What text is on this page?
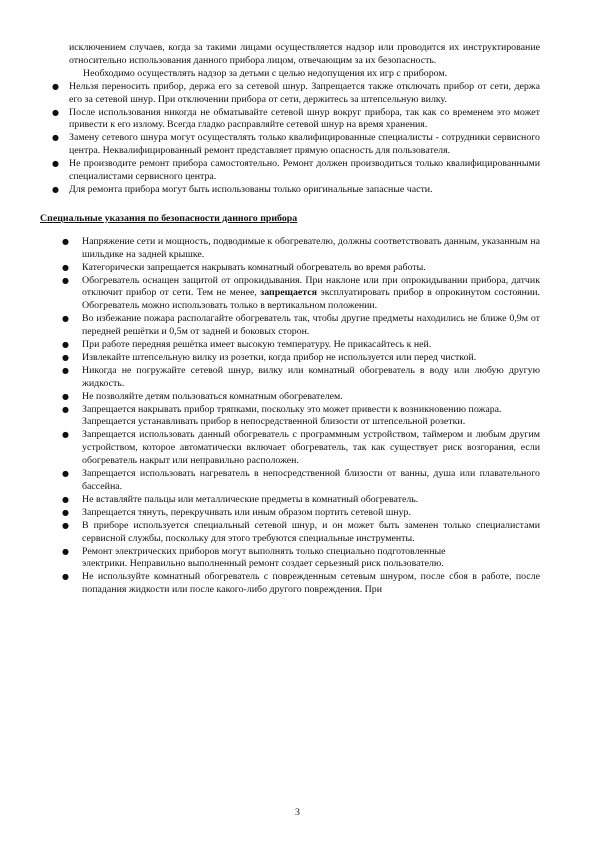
исключением случаев, когда за такими лицами осуществляется надзор или проводится их инструктирование относительно использования данного прибора лицом, отвечающим за их безопасность.

Необходимо осуществлять надзор за детьми с целью недопущения их игр с прибором.

● Нельзя переносить прибор, держа его за сетевой шнур. Запрещается также отключать прибор от сети, держа его за сетевой шнур. При отключении прибора от сети, держитесь за штепсельную вилку.
● После использования никогда не обматывайте сетевой шнур вокруг прибора, так как со временем это может привести к его излому. Всегда гладко расправляйте сетевой шнур на время хранения.
● Замену сетевого шнура могут осуществлять только квалифицированные специалисты - сотрудники сервисного центра. Неквалифицированный ремонт представляет прямую опасность для пользователя.
● Не производите ремонт прибора самостоятельно. Ремонт должен производиться только квалифицированными специалистами сервисного центра.
● Для ремонта прибора могут быть использованы только оригинальные запасные части.

Специальные указания по безопасности данного прибора

● Напряжение сети и мощность, подводимые к обогревателю, должны соответствовать данным, указанным на шильдике на задней крышке.
● Категорически запрещается накрывать комнатный обогреватель во время работы.
● Обогреватель оснащен защитой от опрокидывания. При наклоне или при опрокидывании прибора, датчик отключит прибор от сети. Тем не менее, запрещается эксплуатировать прибор в опрокинутом состоянии. Обогреватель можно использовать только в вертикальном положении.
● Во избежание пожара располагайте обогреватель так, чтобы другие предметы находились не ближе 0,9м от передней решётки и 0,5м от задней и боковых сторон.
● При работе передняя решётка имеет высокую температуру. Не прикасайтесь к ней.
● Извлекайте штепсельную вилку из розетки, когда прибор не используется или перед чисткой.
● Никогда не погружайте сетевой шнур, вилку или комнатный обогреватель в воду или любую другую жидкость.
● Не позволяйте детям пользоваться комнатным обогревателем.
● Запрещается накрывать прибор тряпками, поскольку это может привести к возникновению пожара.
Запрещается устанавливать прибор в непосредственной близости от штепсельной розетки.
● Запрещается использовать данный обогреватель с программным устройством, таймером и любым другим устройством, которое автоматически включает обогреватель, так как существует риск возгорания, если обогреватель накрыт или неправильно расположен.
● Запрещается использовать нагреватель в непосредственной близости от ванны, душа или плавательного бассейна.
● Не вставляйте пальцы или металлические предметы в комнатный обогреватель.
● Запрещается тянуть, перекручивать или иным образом портить сетевой шнур.
● В приборе используется специальный сетевой шнур, и он может быть заменен только специалистами сервисной службы, поскольку для этого требуются специальные инструменты.
● Ремонт электрических приборов могут выполнять только специально подготовленные
электрики. Неправильно выполненный ремонт создает серьезный риск пользователю.
● Не используйте комнатный обогреватель с поврежденным сетевым шнуром, после сбоя в работе, после попадания жидкости или после какого-либо другого повреждения. При
3
